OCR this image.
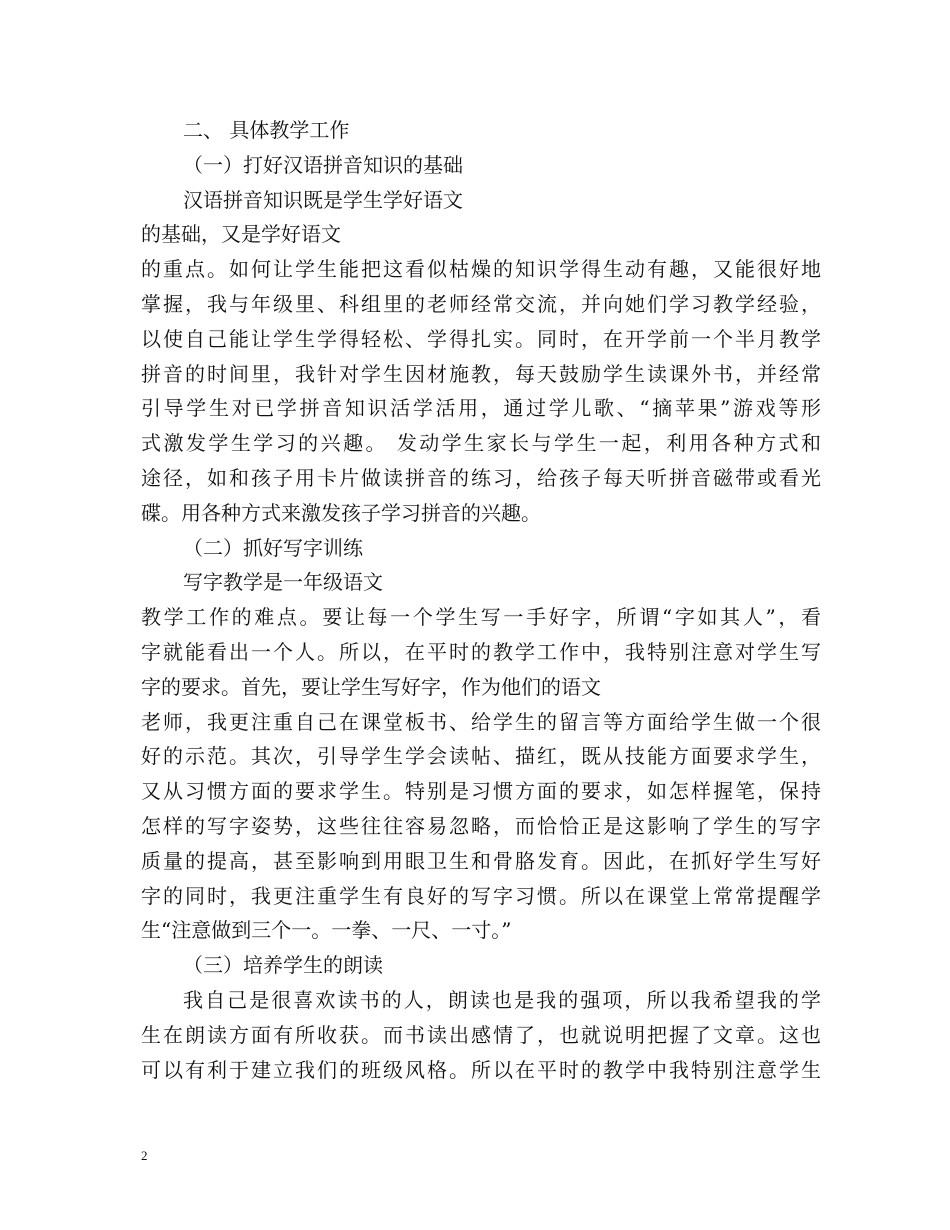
二、 具体教学工作
（一）打好汉语拼音知识的基础
汉语拼音知识既是学生学好语文
的基础，又是学好语文
的重点。如何让学生能把这看似枯燥的知识学得生动有趣，又能很好地
掌握，我与年级里、科组里的老师经常交流，并向她们学习教学经验，
以使自己能让学生学得轻松、学得扎实。同时，在开学前一个半月教学
拼音的时间里，我针对学生因材施教，每天鼓励学生读课外书，并经常
引导学生对已学拼音知识活学活用，通过学儿歌、“摘苹果”游戏等形
式激发学生学习的兴趣。 发动学生家长与学生一起，利用各种方式和
途径，如和孩子用卡片做读拼音的练习，给孩子每天听拼音磁带或看光
碟。用各种方式来激发孩子学习拼音的兴趣。
（二）抓好写字训练
写字教学是一年级语文
教学工作的难点。要让每一个学生写一手好字，所谓“字如其人”，看
字就能看出一个人。所以，在平时的教学工作中，我特别注意对学生写
字的要求。首先，要让学生写好字，作为他们的语文
老师，我更注重自己在课堂板书、给学生的留言等方面给学生做一个很
好的示范。其次，引导学生学会读帖、描红，既从技能方面要求学生，
又从习惯方面的要求学生。特别是习惯方面的要求，如怎样握笔，保持
怎样的写字姿势，这些往往容易忽略，而恰恰正是这影响了学生的写字
质量的提高，甚至影响到用眼卫生和骨胳发育。因此，在抓好学生写好
字的同时，我更注重学生有良好的写字习惯。所以在课堂上常常提醒学
生“注意做到三个一。一拳、一尺、一寸。”
（三）培养学生的朗读
我自己是很喜欢读书的人，朗读也是我的强项，所以我希望我的学
生在朗读方面有所收获。而书读出感情了，也就说明把握了文章。这也
可以有利于建立我们的班级风格。所以在平时的教学中我特别注意学生
2
